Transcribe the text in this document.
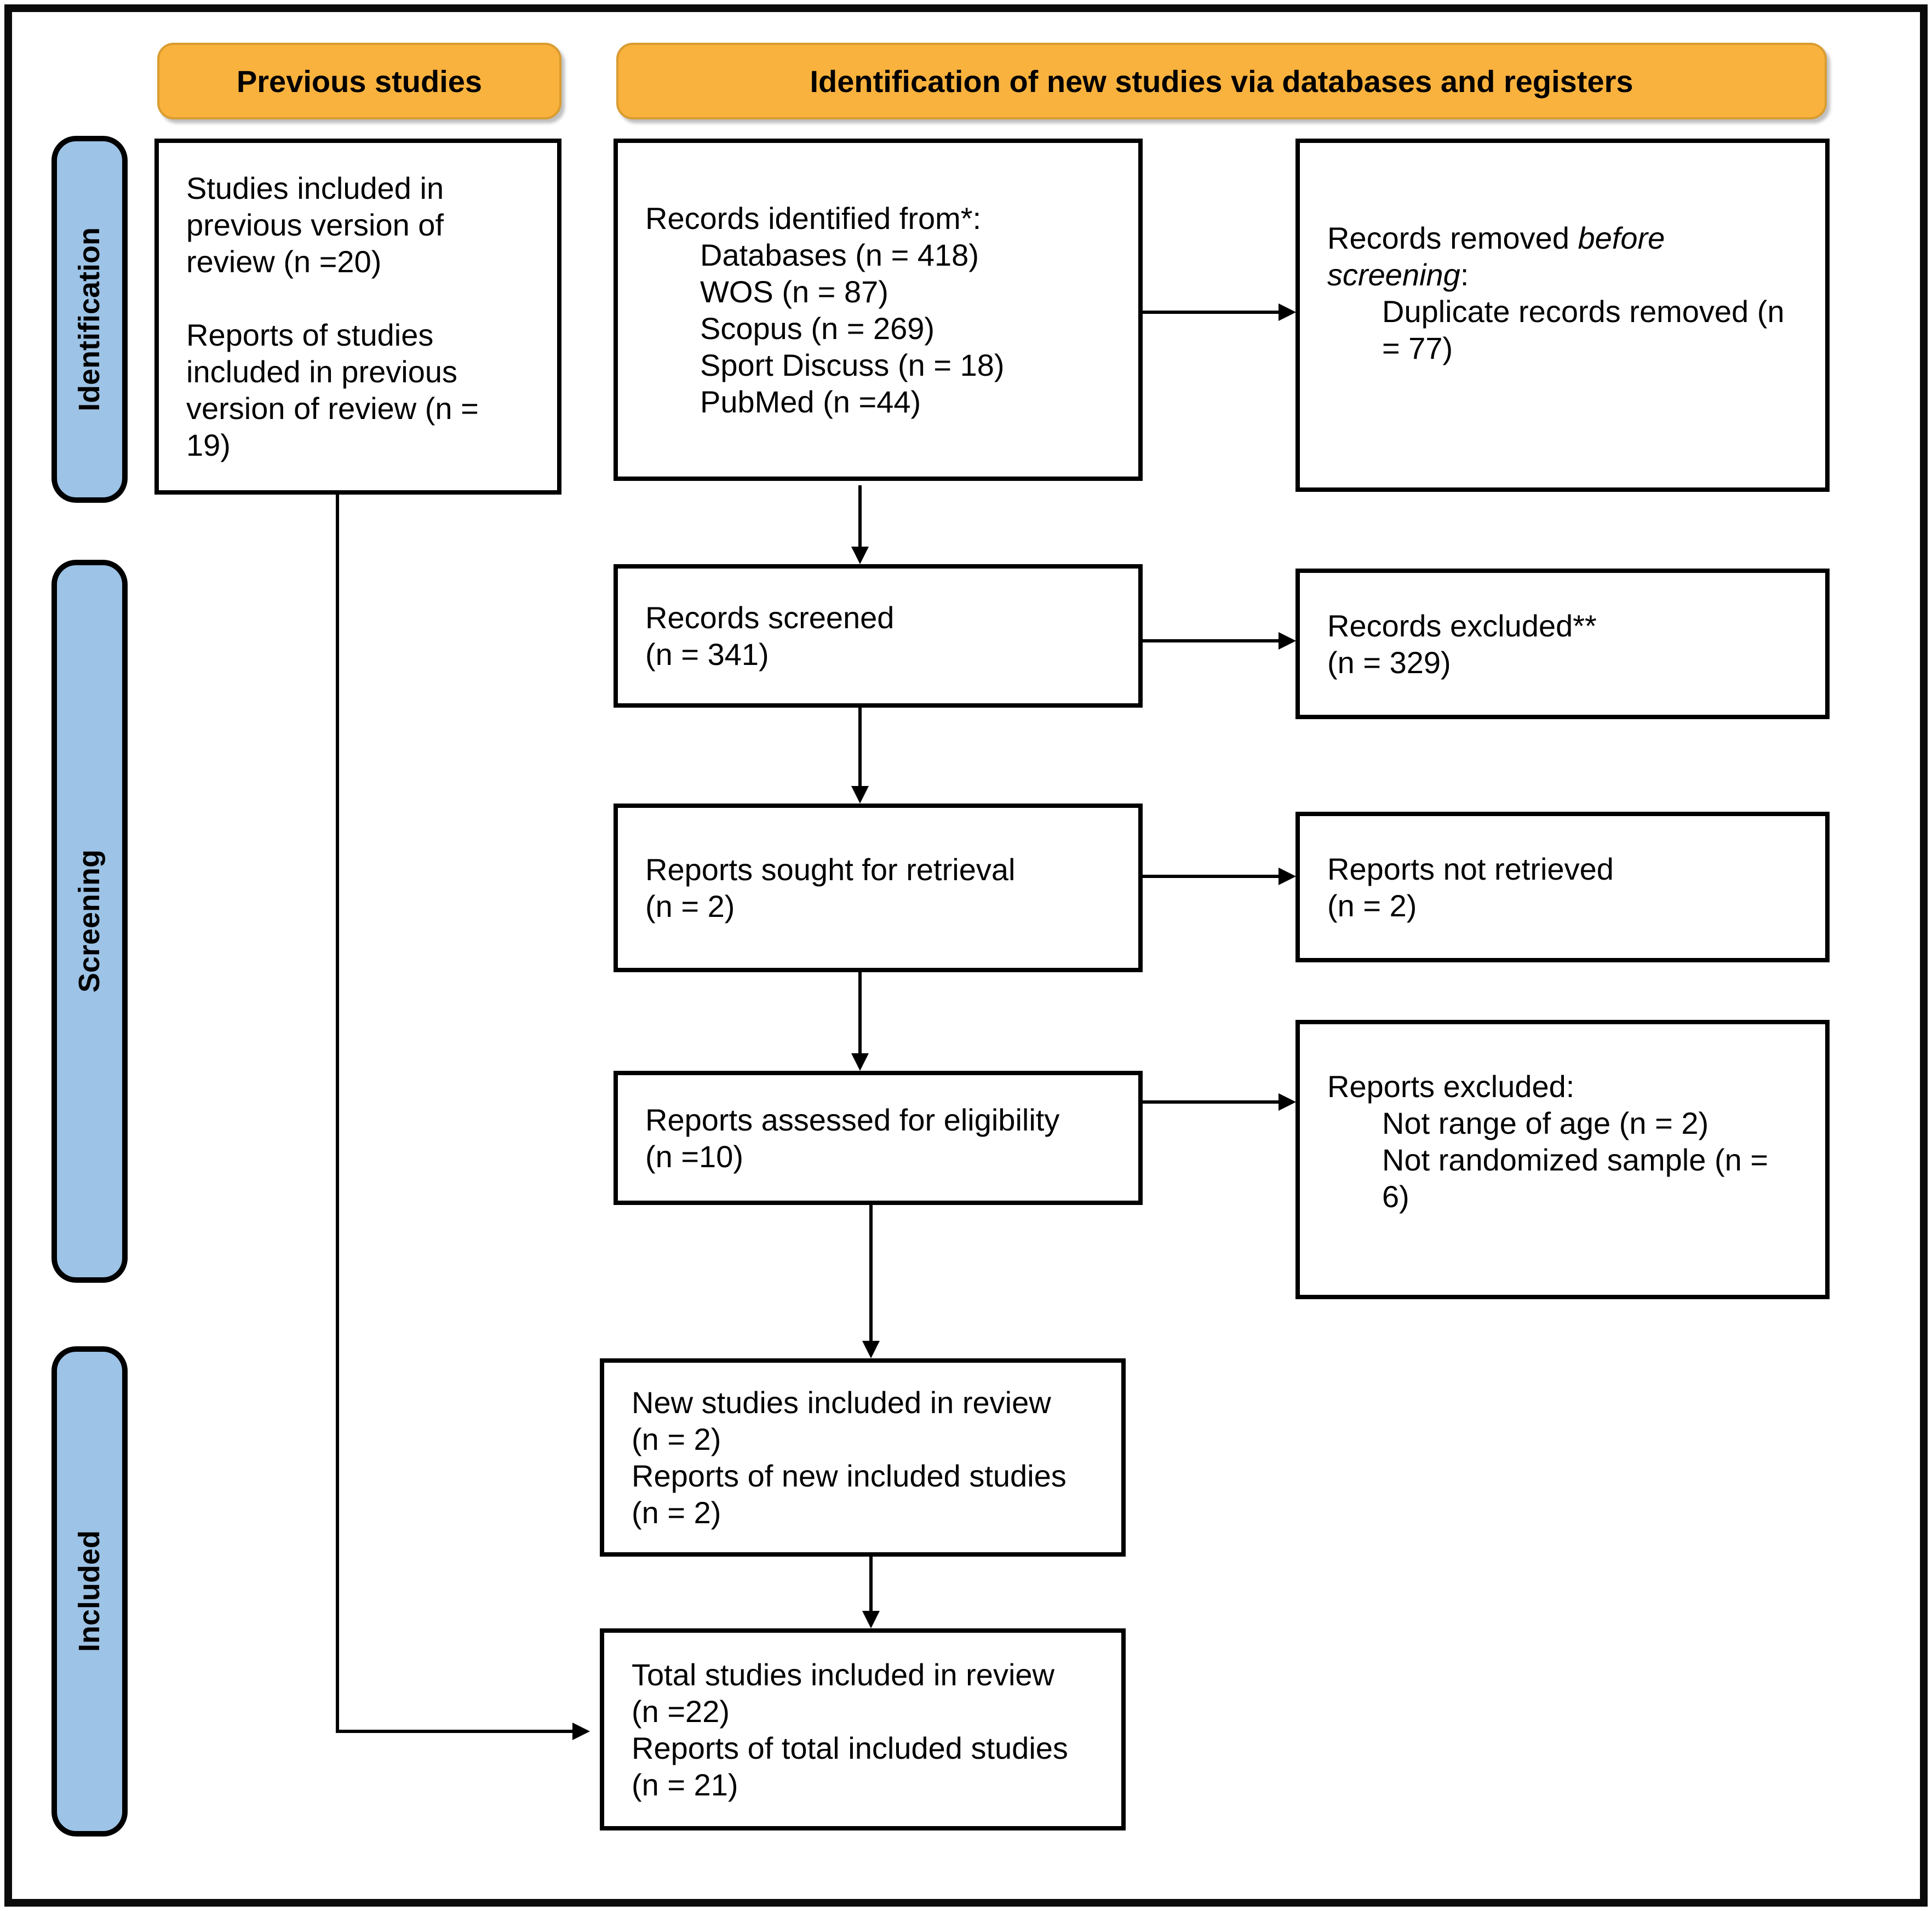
Previous studies	Identification of new studies via databases and registers
Identification
Screening
Included
Studies included in
previous version of
review (n =20)
Reports of studies
included in previous
version of review (n =
19)
Records identified from*:
Databases (n = 418)
WOS (n = 87)
Scopus (n = 269)
Sport Discuss (n = 18)
PubMed (n =44)
Records removed before
screening:
Duplicate records removed (n
= 77)
Records screened
(n = 341)
Records excluded**
(n = 329)
Reports sought for retrieval
(n = 2)
Reports not retrieved
(n = 2)
Reports assessed for eligibility
(n =10)
Reports excluded:
Not range of age (n = 2)
Not randomized sample (n =
6)
New studies included in review
(n = 2)
Reports of new included studies
(n = 2)
Total studies included in review
(n =22)
Reports of total included studies
(n = 21)
